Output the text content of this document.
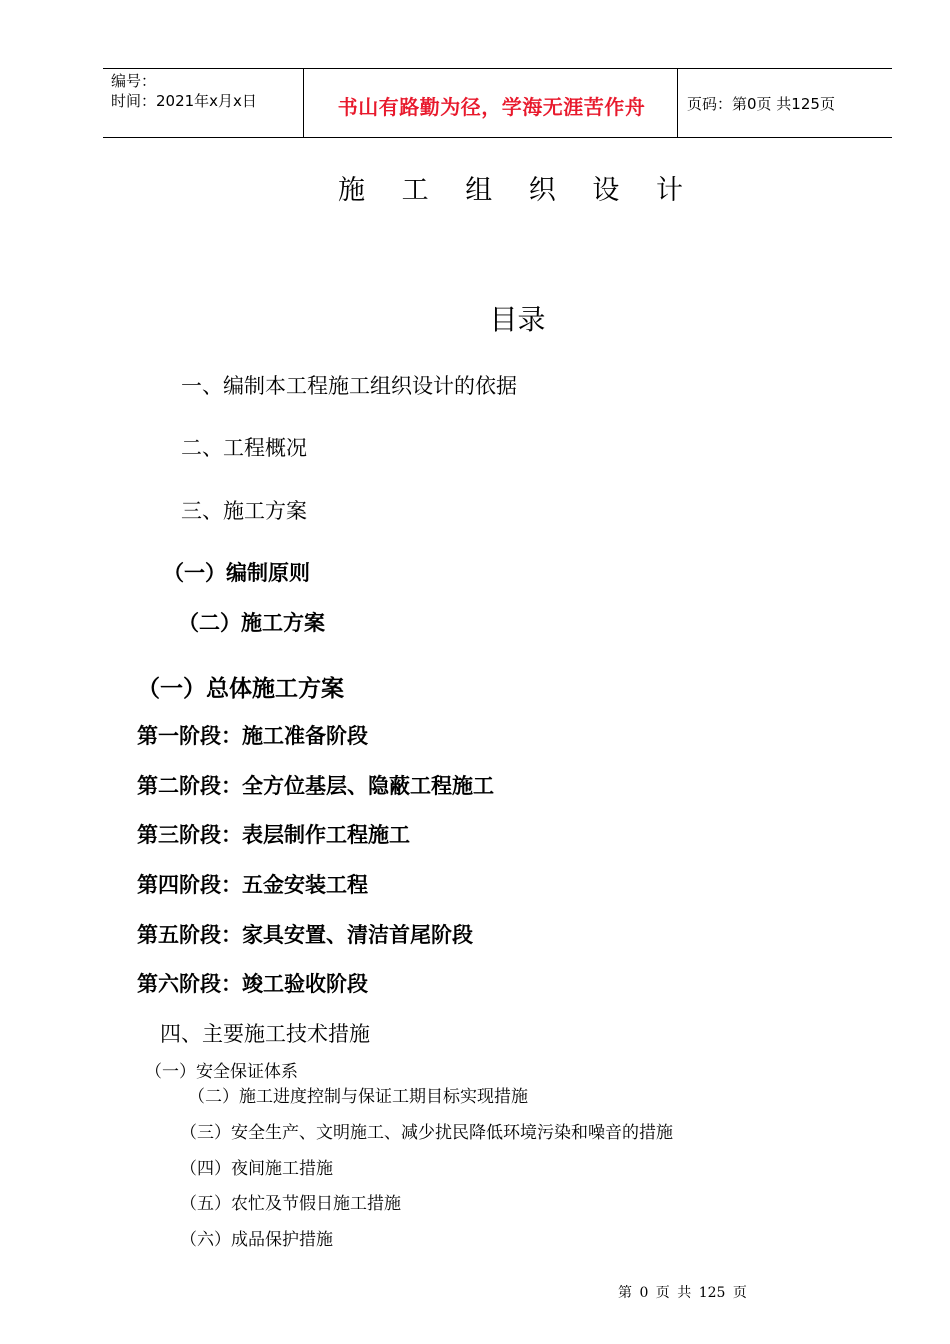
编号：
时间：2021年x月x日	书山有路勤为径，学海无涯苦作舟	页码：第0页 共125页
施 工 组 织 设 计
目录
一、编制本工程施工组织设计的依据
二、工程概况
三、施工方案
（一）编制原则
（二）施工方案
（一）总体施工方案
第一阶段：施工准备阶段
第二阶段：全方位基层、隐蔽工程施工
第三阶段：表层制作工程施工
第四阶段：五金安装工程
第五阶段：家具安置、清洁首尾阶段
第六阶段：竣工验收阶段
四、主要施工技术措施
（一）安全保证体系
（二）施工进度控制与保证工期目标实现措施
（三）安全生产、文明施工、减少扰民降低环境污染和噪音的措施
（四）夜间施工措施
（五）农忙及节假日施工措施
（六）成品保护措施
第 0 页 共 125 页
